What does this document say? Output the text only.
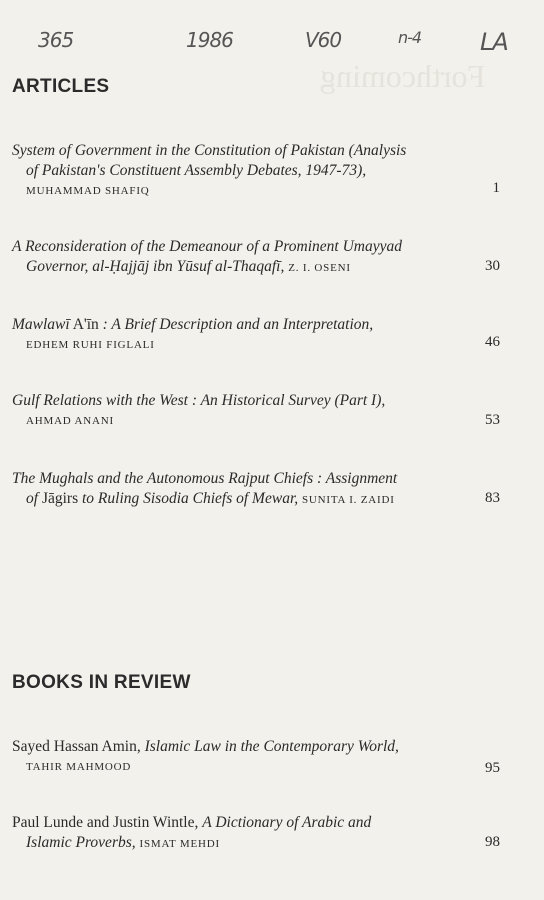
Forthcoming
365	1986	V60	n-4 LA
ARTICLES
System of Government in the Constitution of Pakistan (Analysis
of Pakistan's Constituent Assembly Debates, 1947-73),
MUHAMMAD SHAFIQ	1
A Reconsideration of the Demeanour of a Prominent Umayyad
Governor, al-Ḥajjāj ibn Yūsuf al-Thaqafī, Z. I. OSENI	30
Mawlawī A'īn : A Brief Description and an Interpretation,
EDHEM RUHI FIGLALI	46
Gulf Relations with the West : An Historical Survey (Part I),
AHMAD ANANI	53
The Mughals and the Autonomous Rajput Chiefs : Assignment
of Jāgirs to Ruling Sisodia Chiefs of Mewar, SUNITA I. ZAIDI	83
BOOKS IN REVIEW
Sayed Hassan Amin, Islamic Law in the Contemporary World,
TAHIR MAHMOOD	95
Paul Lunde and Justin Wintle, A Dictionary of Arabic and
Islamic Proverbs, ISMAT MEHDI	98
